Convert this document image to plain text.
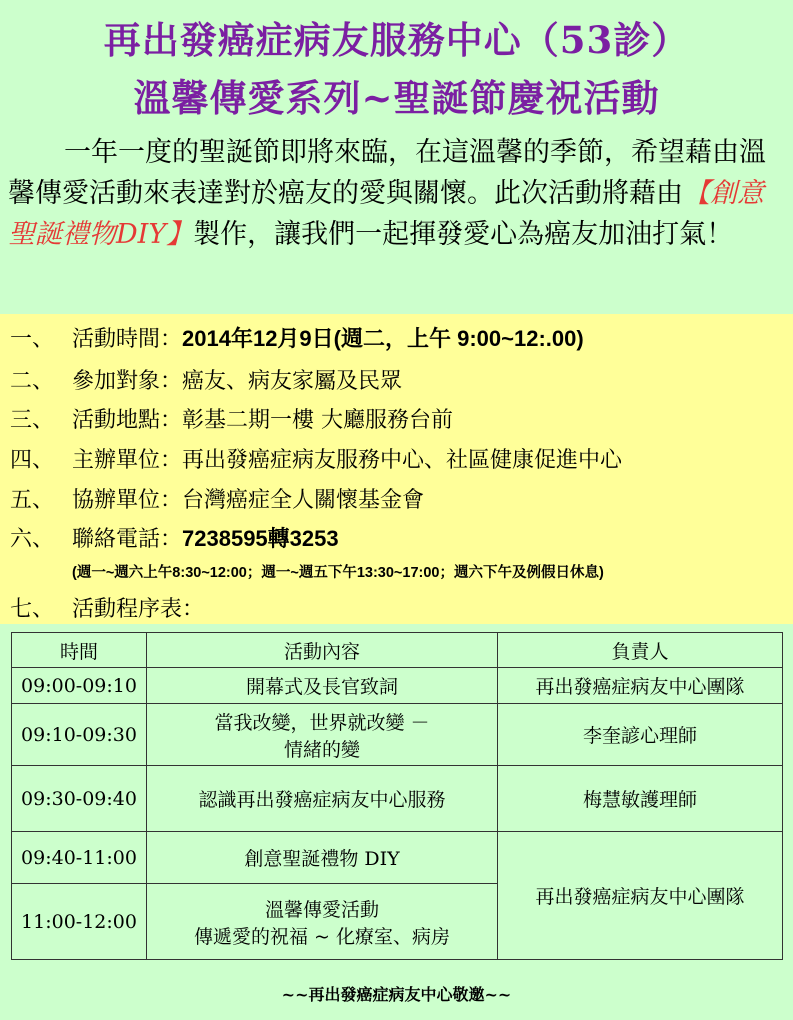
再出發癌症病友服務中心（53診）
溫馨傳愛系列~聖誕節慶祝活動
一年一度的聖誕節即將來臨，在這溫馨的季節，希望藉由溫馨傳愛活動來表達對於癌友的愛與關懷。此次活動將藉由【創意聖誕禮物DIY】製作，讓我們一起揮發愛心為癌友加油打氣！
一、 活動時間：2014年12月9日(週二，上午 9:00~12:.00)
二、 參加對象：癌友、病友家屬及民眾
三、 活動地點：彰基二期一樓 大廳服務台前
四、 主辦單位：再出發癌症病友服務中心、社區健康促進中心
五、 協辦單位：台灣癌症全人關懷基金會
六、 聯絡電話：7238595轉3253
(週一~週六上午8:30~12:00；週一~週五下午13:30~17:00；週六下午及例假日休息)
七、 活動程序表：
時間	活動內容	負責人
09:00-09:10	開幕式及長官致詞	再出發癌症病友中心團隊
09:10-09:30	當我改變，世界就改變 －
情緒的變	李奎諺心理師
09:30-09:40	認識再出發癌症病友中心服務	梅慧敏護理師
09:40-11:00	創意聖誕禮物 DIY	再出發癌症病友中心團隊
11:00-12:00	溫馨傳愛活動
傳遞愛的祝福 ~ 化療室、病房	
~~再出發癌症病友中心敬邀~~
